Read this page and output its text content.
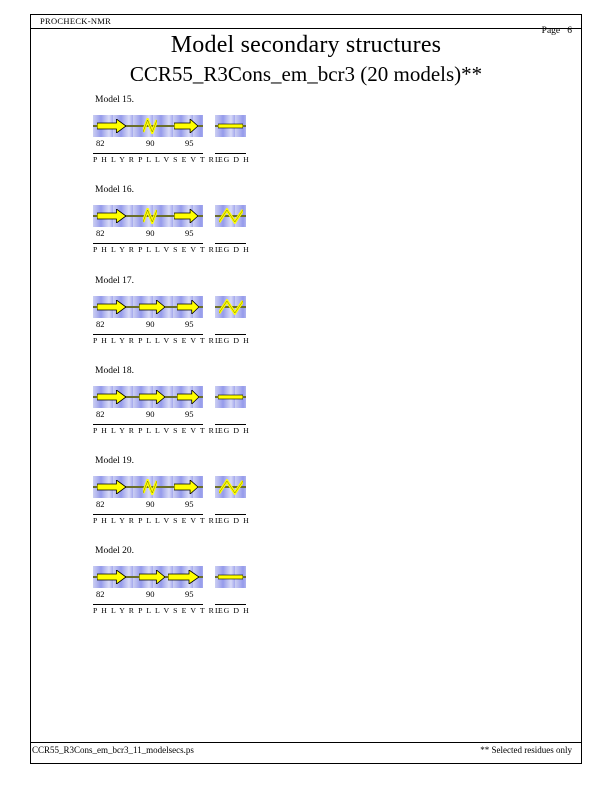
PROCHECK-NMR
Page 6
Model secondary structures
CCR55_R3Cons_em_bcr3 (20 models)**
Model 15.
82	90	95
P H L Y R P L L V S E V T R E
L G D H
Model 16.
82	90	95
P H L Y R P L L V S E V T R E
L G D H
Model 17.
82	90	95
P H L Y R P L L V S E V T R E
L G D H
Model 18.
82	90	95
P H L Y R P L L V S E V T R E
L G D H
Model 19.
82	90	95
P H L Y R P L L V S E V T R E
L G D H
Model 20.
82	90	95
P H L Y R P L L V S E V T R E
L G D H
CCR55_R3Cons_em_bcr3_11_modelsecs.ps	** Selected residues only
